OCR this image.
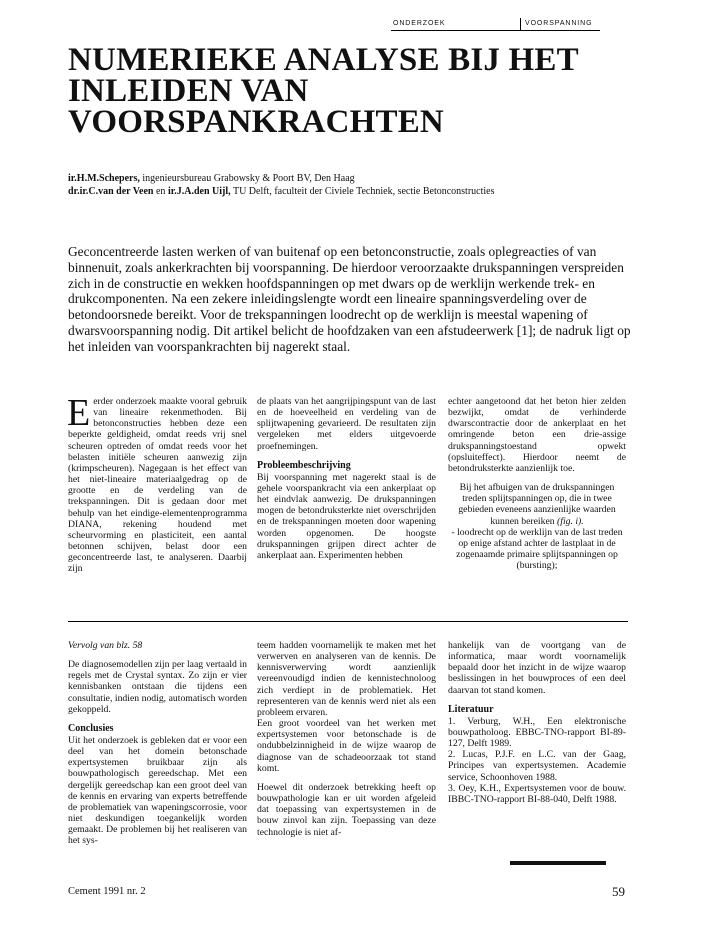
ONDERZOEK	VOORSPANNING
NUMERIEKE ANALYSE BIJ HET
INLEIDEN VAN
VOORSPANKRACHTEN
ir.H.M.Schepers, ingenieursbureau Grabowsky & Poort BV, Den Haag
dr.ir.C.van der Veen en ir.J.A.den Uijl, TU Delft, faculteit der Civiele Techniek, sectie Betonconstructies
Geconcentreerde lasten werken of van buitenaf op een betonconstructie, zoals oplegreacties of van binnenuit, zoals ankerkrachten bij voorspanning. De hierdoor veroorzaakte drukspanningen verspreiden zich in de constructie en wekken hoofdspanningen op met dwars op de werklijn werkende trek- en drukcomponenten. Na een zekere inleidingslengte wordt een lineaire spanningsverdeling over de betondoorsnede bereikt. Voor de trekspanningen loodrecht op de werklijn is meestal wapening of dwarsvoorspanning nodig. Dit artikel belicht de hoofdzaken van een afstudeerwerk [1]; de nadruk ligt op het inleiden van voorspankrachten bij nagerekt staal.
E erder onderzoek maakte vooral gebruik van lineaire rekenmethoden. Bij betonconstructies hebben deze een beperkte geldigheid, omdat reeds vrij snel scheuren optreden of omdat reeds voor het belasten initiële scheuren aanwezig zijn (krimpscheuren). Nagegaan is het effect van het niet-lineaire materiaalgedrag op de grootte en de verdeling van de trekspanningen. Dit is gedaan door met behulp van het eindige-elementenprogramma DIANA, rekening houdend met scheurvorming en plasticiteit, een aantal betonnen schijven, belast door een geconcentreerde last, te analyseren. Daarbij zijn

de plaats van het aangrijpingspunt van de last en de hoeveelheid en verdeling van de splijtwapening gevarieerd. De resultaten zijn vergeleken met elders uitgevoerde proefnemingen.

Probleembeschrijving

Bij voorspanning met nagerekt staal is de gehele voorspankracht via een ankerplaat op het eindvlak aanwezig. De drukspanningen mogen de betondruksterkte niet overschrijden en de trekspanningen moeten door wapening worden opgenomen. De hoogste drukspanningen grijpen direct achter de ankerplaat aan. Experimenten hebben

echter aangetoond dat het beton hier zelden bezwijkt, omdat de verhinderde dwarscontractie door de ankerplaat en het omringende beton een drie-assige drukspanningstoestand opwekt (opsluiteffect). Hierdoor neemt de betondruksterkte aanzienlijk toe.

Bij het afbuigen van de drukspanningen treden splijtspanningen op, die in twee gebieden eveneens aanzienlijke waarden kunnen bereiken (fig. i).

- loodrecht op de werklijn van de last treden op enige afstand achter de lastplaat in de zogenaamde primaire splijtspanningen op (bursting);

Vervolg van blz. 58

De diagnosemodellen zijn per laag vertaald in regels met de Crystal syntax. Zo zijn er vier kennisbanken ontstaan die tijdens een consultatie, indien nodig, automatisch worden gekoppeld.

Conclusies

Uit het onderzoek is gebleken dat er voor een deel van het domein betonschade expertsystemen bruikbaar zijn als bouwpathologisch gereedschap. Met een dergelijk gereedschap kan een groot deel van de kennis en ervaring van experts betreffende de problematiek van wapeningscorrosie, voor niet deskundigen toegankelijk worden gemaakt. De problemen bij het realiseren van het sys-

teem hadden voornamelijk te maken met het verwerven en analyseren van de kennis. De kennisverwerving wordt aanzienlijk vereenvoudigd indien de kennistechnoloog zich verdiept in de problematiek. Het representeren van de kennis werd niet als een probleem ervaren.

Een groot voordeel van het werken met expertsystemen voor betonschade is de ondubbelzinnigheid in de wijze waarop de diagnose van de schadeoorzaak tot stand komt.

Hoewel dit onderzoek betrekking heeft op bouwpathologie kan er uit worden afgeleid dat toepassing van expertsystemen in de bouw zinvol kan zijn. Toepassing van deze technologie is niet af-

hankelijk van de voortgang van de informatica, maar wordt voornamelijk bepaald door het inzicht in de wijze waarop beslissingen in het bouwproces of een deel daarvan tot stand komen.

Literatuur

1. Verburg, W.H., Een elektronische bouwpatholoog. EBBC-TNO-rapport BI-89-127, Delft 1989.

2. Lucas, P.J.F. en L.C. van der Gaag, Principes van expertsystemen. Academie service, Schoonhoven 1988.

3. Oey, K.H., Expertsystemen voor de bouw. IBBC-TNO-rapport BI-88-040, Delft 1988.

Cement 1991 nr. 2	59
